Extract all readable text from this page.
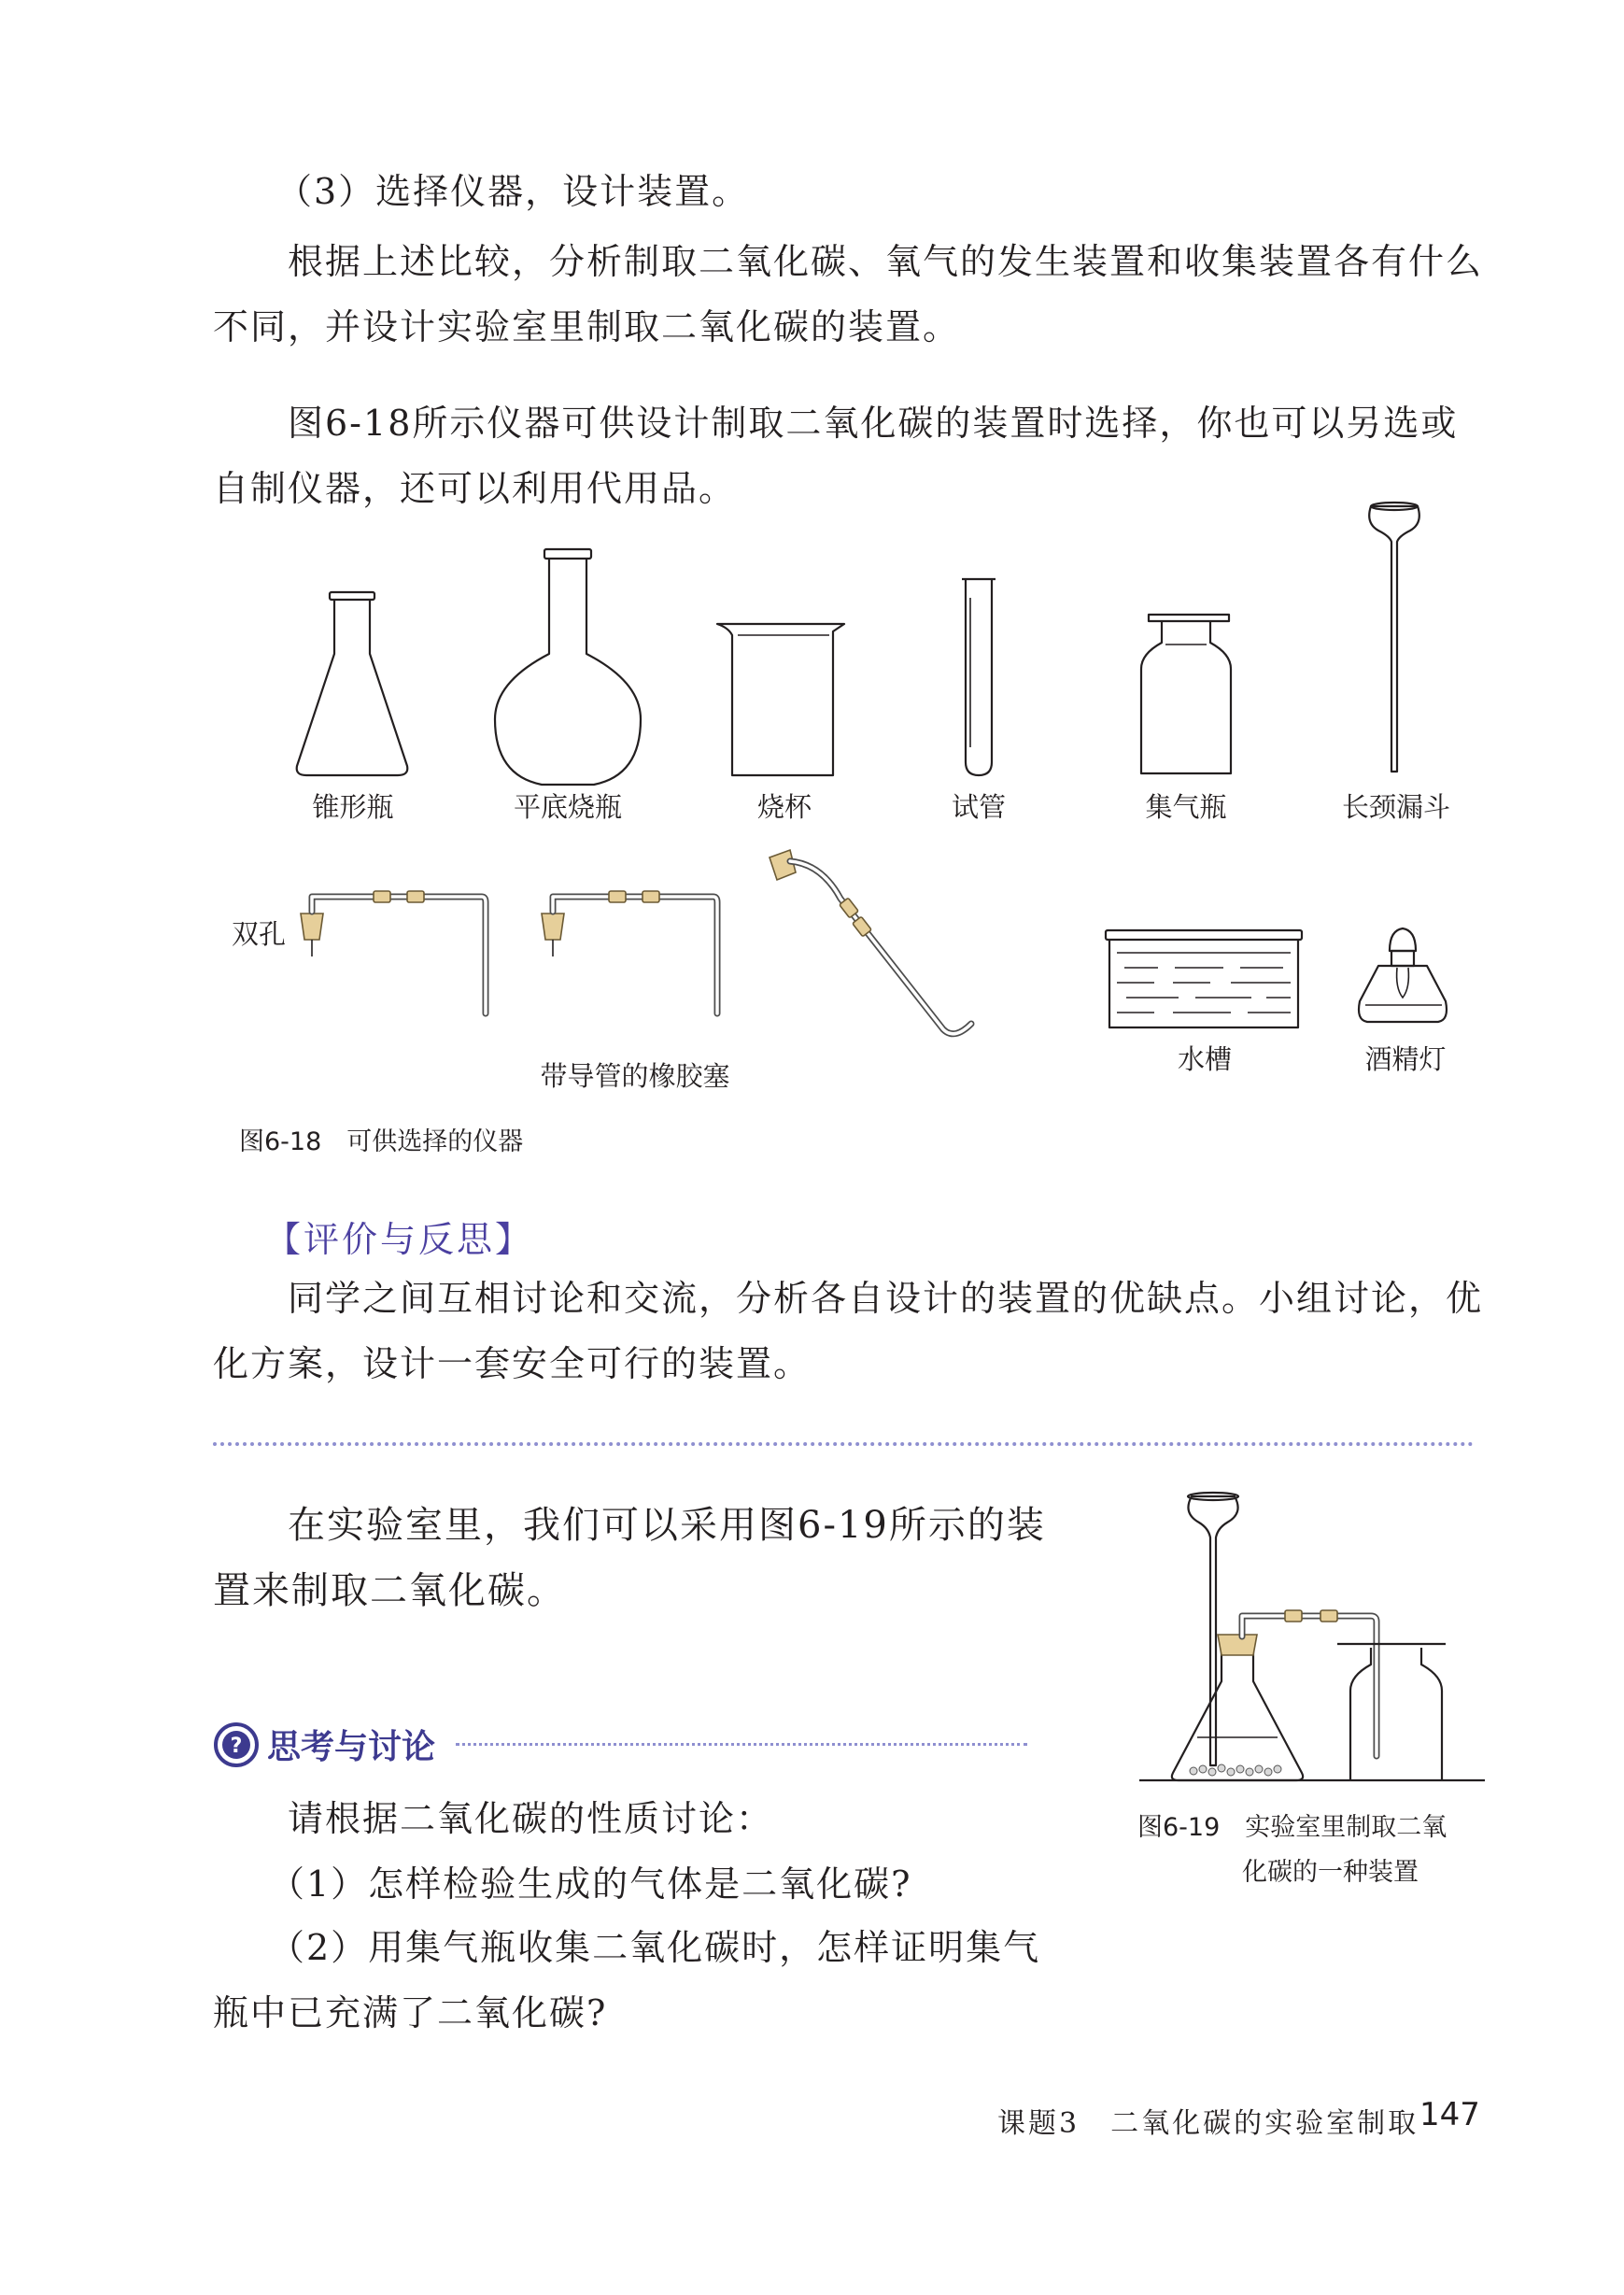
（3）选择仪器，设计装置。

根据上述比较，分析制取二氧化碳、氧气的发生装置和收集装置各有什么

不同，并设计实验室里制取二氧化碳的装置。

图6-18所示仪器可供设计制取二氧化碳的装置时选择，你也可以另选或

自制仪器，还可以利用代用品。

锥形瓶	平底烧瓶	烧杯	试管	集气瓶	长颈漏斗
双孔
带导管的橡胶塞
水槽	酒精灯
图6-18　可供选择的仪器
【评价与反思】

同学之间互相讨论和交流，分析各自设计的装置的优缺点。小组讨论，优

化方案，设计一套安全可行的装置。

在实验室里，我们可以采用图6-19所示的装

置来制取二氧化碳。

? 思考与讨论

请根据二氧化碳的性质讨论：

（1）怎样检验生成的气体是二氧化碳?

（2）用集气瓶收集二氧化碳时，怎样证明集气

瓶中已充满了二氧化碳?

图6-19　实验室里制取二氧
化碳的一种装置
课题3　二氧化碳的实验室制取 147
